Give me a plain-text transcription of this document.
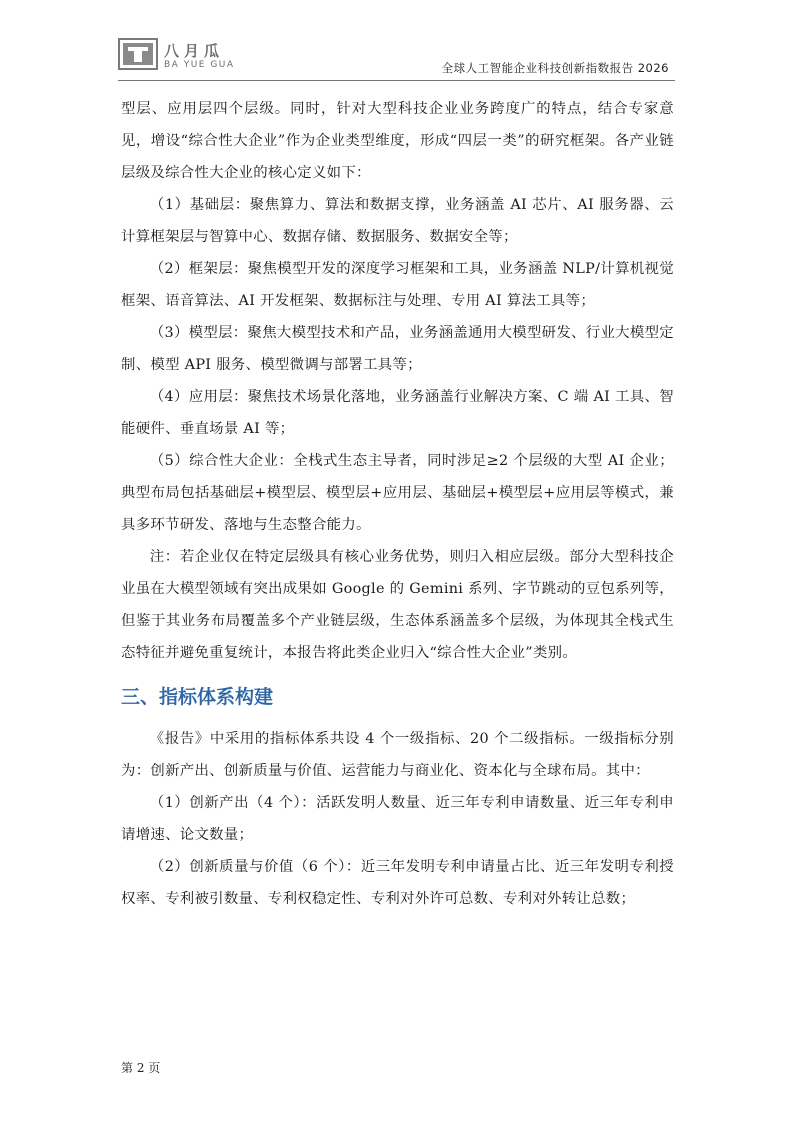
八月瓜
BA YUE GUA	全球人工智能企业科技创新指数报告 2026

型层、应用层四个层级。同时，针对大型科技企业业务跨度广的特点，结合专家意见，增设“综合性大企业”作为企业类型维度，形成“四层一类”的研究框架。各产业链层级及综合性大企业的核心定义如下：

（1）基础层：聚焦算力、算法和数据支撑，业务涵盖 AI 芯片、AI 服务器、云计算框架层与智算中心、数据存储、数据服务、数据安全等；

（2）框架层：聚焦模型开发的深度学习框架和工具，业务涵盖 NLP/计算机视觉框架、语音算法、AI 开发框架、数据标注与处理、专用 AI 算法工具等；

（3）模型层：聚焦大模型技术和产品，业务涵盖通用大模型研发、行业大模型定制、模型 API 服务、模型微调与部署工具等；

（4）应用层：聚焦技术场景化落地，业务涵盖行业解决方案、C 端 AI 工具、智能硬件、垂直场景 AI 等；

（5）综合性大企业：全栈式生态主导者，同时涉足≥2 个层级的大型 AI 企业；典型布局包括基础层+模型层、模型层+应用层、基础层+模型层+应用层等模式，兼具多环节研发、落地与生态整合能力。

注：若企业仅在特定层级具有核心业务优势，则归入相应层级。部分大型科技企业虽在大模型领域有突出成果如 Google 的 Gemini 系列、字节跳动的豆包系列等，但鉴于其业务布局覆盖多个产业链层级，生态体系涵盖多个层级，为体现其全栈式生态特征并避免重复统计，本报告将此类企业归入“综合性大企业”类别。

三、指标体系构建

《报告》中采用的指标体系共设 4 个一级指标、20 个二级指标。一级指标分别为：创新产出、创新质量与价值、运营能力与商业化、资本化与全球布局。其中：

（1）创新产出（4 个）：活跃发明人数量、近三年专利申请数量、近三年专利申请增速、论文数量；

（2）创新质量与价值（6 个）：近三年发明专利申请量占比、近三年发明专利授权率、专利被引数量、专利权稳定性、专利对外许可总数、专利对外转让总数；

第 2 页
